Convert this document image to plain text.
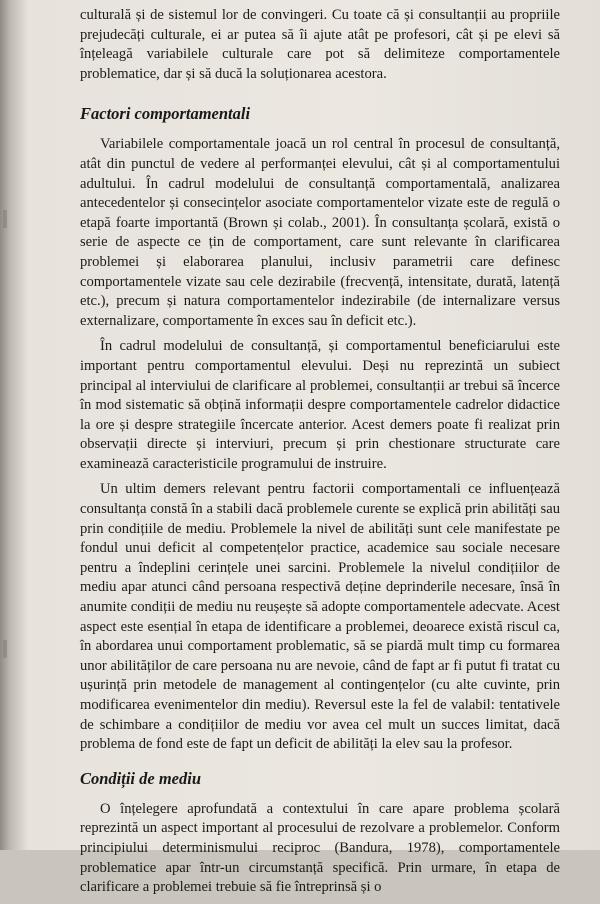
culturală și de sistemul lor de convingeri. Cu toate că și consultanții au propriile prejudecăți culturale, ei ar putea să îi ajute atât pe profesori, cât și pe elevi să înțeleagă variabilele culturale care pot să delimiteze comportamentele problematice, dar și să ducă la soluționarea acestora.

Factori comportamentali

Variabilele comportamentale joacă un rol central în procesul de consultanță, atât din punctul de vedere al performanței elevului, cât și al comportamentului adultului. În cadrul modelului de consultanță comportamentală, analizarea antecedentelor și consecințelor asociate comportamentelor vizate este de regulă o etapă foarte importantă (Brown și colab., 2001). În consultanța școlară, există o serie de aspecte ce țin de comportament, care sunt relevante în clarificarea problemei și elaborarea planului, inclusiv parametrii care definesc comportamentele vizate sau cele dezirabile (frecvență, intensitate, durată, latență etc.), precum și natura comportamentelor indezirabile (de internalizare versus externalizare, comportamente în exces sau în deficit etc.).

În cadrul modelului de consultanță, și comportamentul beneficiarului este important pentru comportamentul elevului. Deși nu reprezintă un subiect principal al interviului de clarificare al problemei, consultanții ar trebui să încerce în mod sistematic să obțină informații despre comportamentele cadrelor didactice la ore și despre strategiile încercate anterior. Acest demers poate fi realizat prin observații directe și interviuri, precum și prin chestionare structurate care examinează caracteristicile programului de instruire.

Un ultim demers relevant pentru factorii comportamentali ce influențează consultanța constă în a stabili dacă problemele curente se explică prin abilități sau prin condițiile de mediu. Problemele la nivel de abilități sunt cele manifestate pe fondul unui deficit al competențelor practice, academice sau sociale necesare pentru a îndeplini cerințele unei sarcini. Problemele la nivelul condițiilor de mediu apar atunci când persoana respectivă deține deprinderile necesare, însă în anumite condiții de mediu nu reușește să adopte comportamentele adecvate. Acest aspect este esențial în etapa de identificare a problemei, deoarece există riscul ca, în abordarea unui comportament problematic, să se piardă mult timp cu formarea unor abilităților de care persoana nu are nevoie, când de fapt ar fi putut fi tratat cu ușurință prin metodele de management al contingențelor (cu alte cuvinte, prin modificarea evenimentelor din mediu). Reversul este la fel de valabil: tentativele de schimbare a condițiilor de mediu vor avea cel mult un succes limitat, dacă problema de fond este de fapt un deficit de abilități la elev sau la profesor.

Condiții de mediu

O înțelegere aprofundată a contextului în care apare problema școlară reprezintă un aspect important al procesului de rezolvare a problemelor. Conform principiului determinismului reciproc (Bandura, 1978), comportamentele problematice apar într-un circumstanță specifică. Prin urmare, în etapa de clarificare a problemei trebuie să fie întreprinsă și o
